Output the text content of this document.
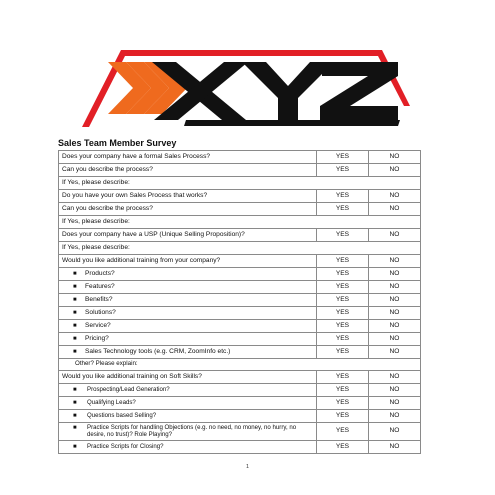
Sales Team Member Survey
Does your company have a formal Sales Process?	YES	NO
Can you describe the process?	YES	NO
If Yes, please describe:		
Do you have your own Sales Process that works?	YES	NO
Can you describe the process?	YES	NO
If Yes, please describe:		
Does your company have a USP (Unique Selling Proposition)?	YES	NO
If Yes, please describe:		
Would you like additional training from your company?	YES	NO
■ Products?	YES	NO
■ Features?	YES	NO
■ Benefits?	YES	NO
■ Solutions?	YES	NO
■ Service?	YES	NO
■ Pricing?	YES	NO
■ Sales Technology tools (e.g. CRM, ZoomInfo etc.)	YES	NO
Other? Please explain:		
Would you like additional training on Soft Skills?	YES	NO
■ Prospecting/Lead Generation?	YES	NO
■ Qualifying Leads?	YES	NO
■ Questions based Selling?	YES	NO

■ Practice Scripts for handling Objections (e.g. no need, no money, no hurry, no desire, no trust)? Role Playing?	YES	NO
■ Practice Scripts for Closing?	YES	NO
1
